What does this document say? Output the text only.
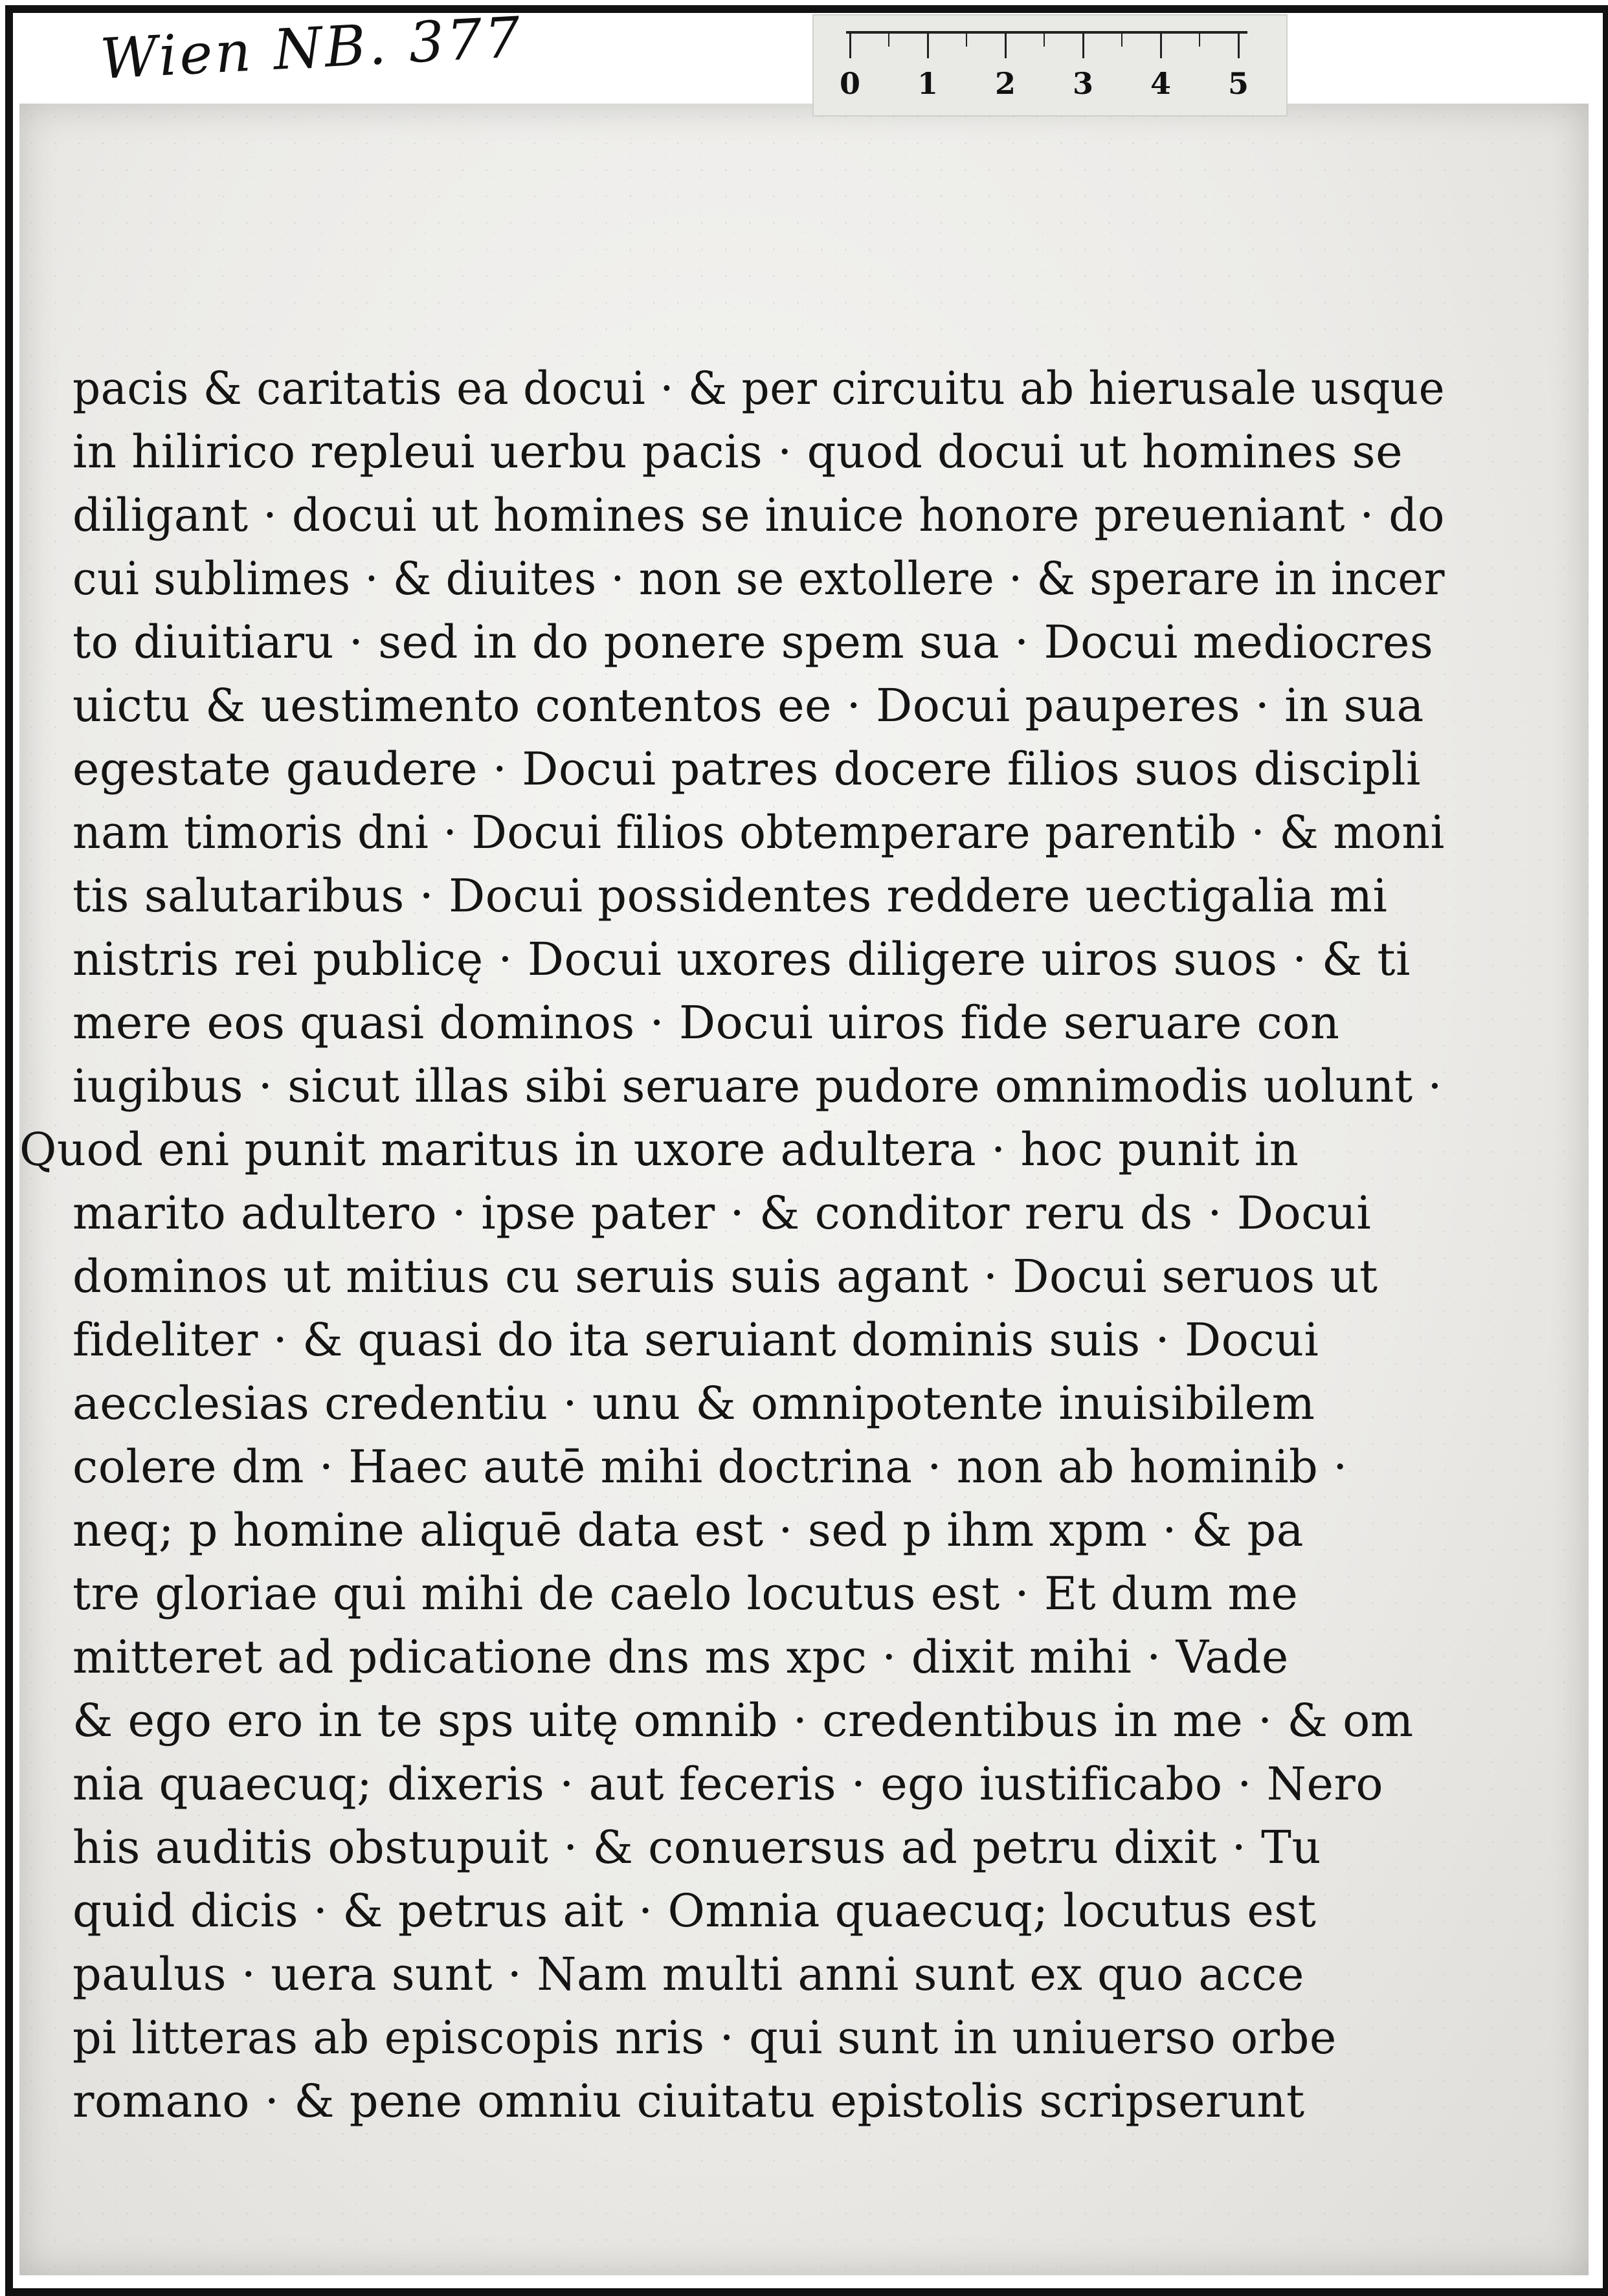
Wien NB. 377	0	1	2	3	4	5
pacis & caritatis ea docui · & per circuitu ab hierusale usque
in hilirico repleui uerbu pacis · quod docui ut homines se
diligant · docui ut homines se inuice honore preueniant · do
cui sublimes · & diuites · non se extollere · & sperare in incer
to diuitiaru · sed in do ponere spem sua · Docui mediocres
uictu & uestimento contentos ee · Docui pauperes · in sua
egestate gaudere · Docui patres docere filios suos discipli
nam timoris dni · Docui filios obtemperare parentib · & moni
tis salutaribus · Docui possidentes reddere uectigalia mi
nistris rei publicę · Docui uxores diligere uiros suos · & ti
mere eos quasi dominos · Docui uiros fide seruare con
iugibus · sicut illas sibi seruare pudore omnimodis uolunt ·
Quod eni punit maritus in uxore adultera · hoc punit in
marito adultero · ipse pater · & conditor reru ds · Docui
dominos ut mitius cu seruis suis agant · Docui seruos ut
fideliter · & quasi do ita seruiant dominis suis · Docui
aecclesias credentiu · unu & omnipotente inuisibilem
colere dm · Haec autē mihi doctrina · non ab hominib ·
neq; p homine aliquē data est · sed p ihm xpm · & pa
tre gloriae qui mihi de caelo locutus est · Et dum me
mitteret ad pdicatione dns ms xpc · dixit mihi · Vade
& ego ero in te sps uitę omnib · credentibus in me · & om
nia quaecuq; dixeris · aut feceris · ego iustificabo · Nero
his auditis obstupuit · & conuersus ad petru dixit · Tu
quid dicis · & petrus ait · Omnia quaecuq; locutus est
paulus · uera sunt · Nam multi anni sunt ex quo acce
pi litteras ab episcopis nris · qui sunt in uniuerso orbe
romano · & pene omniu ciuitatu epistolis scripserunt
